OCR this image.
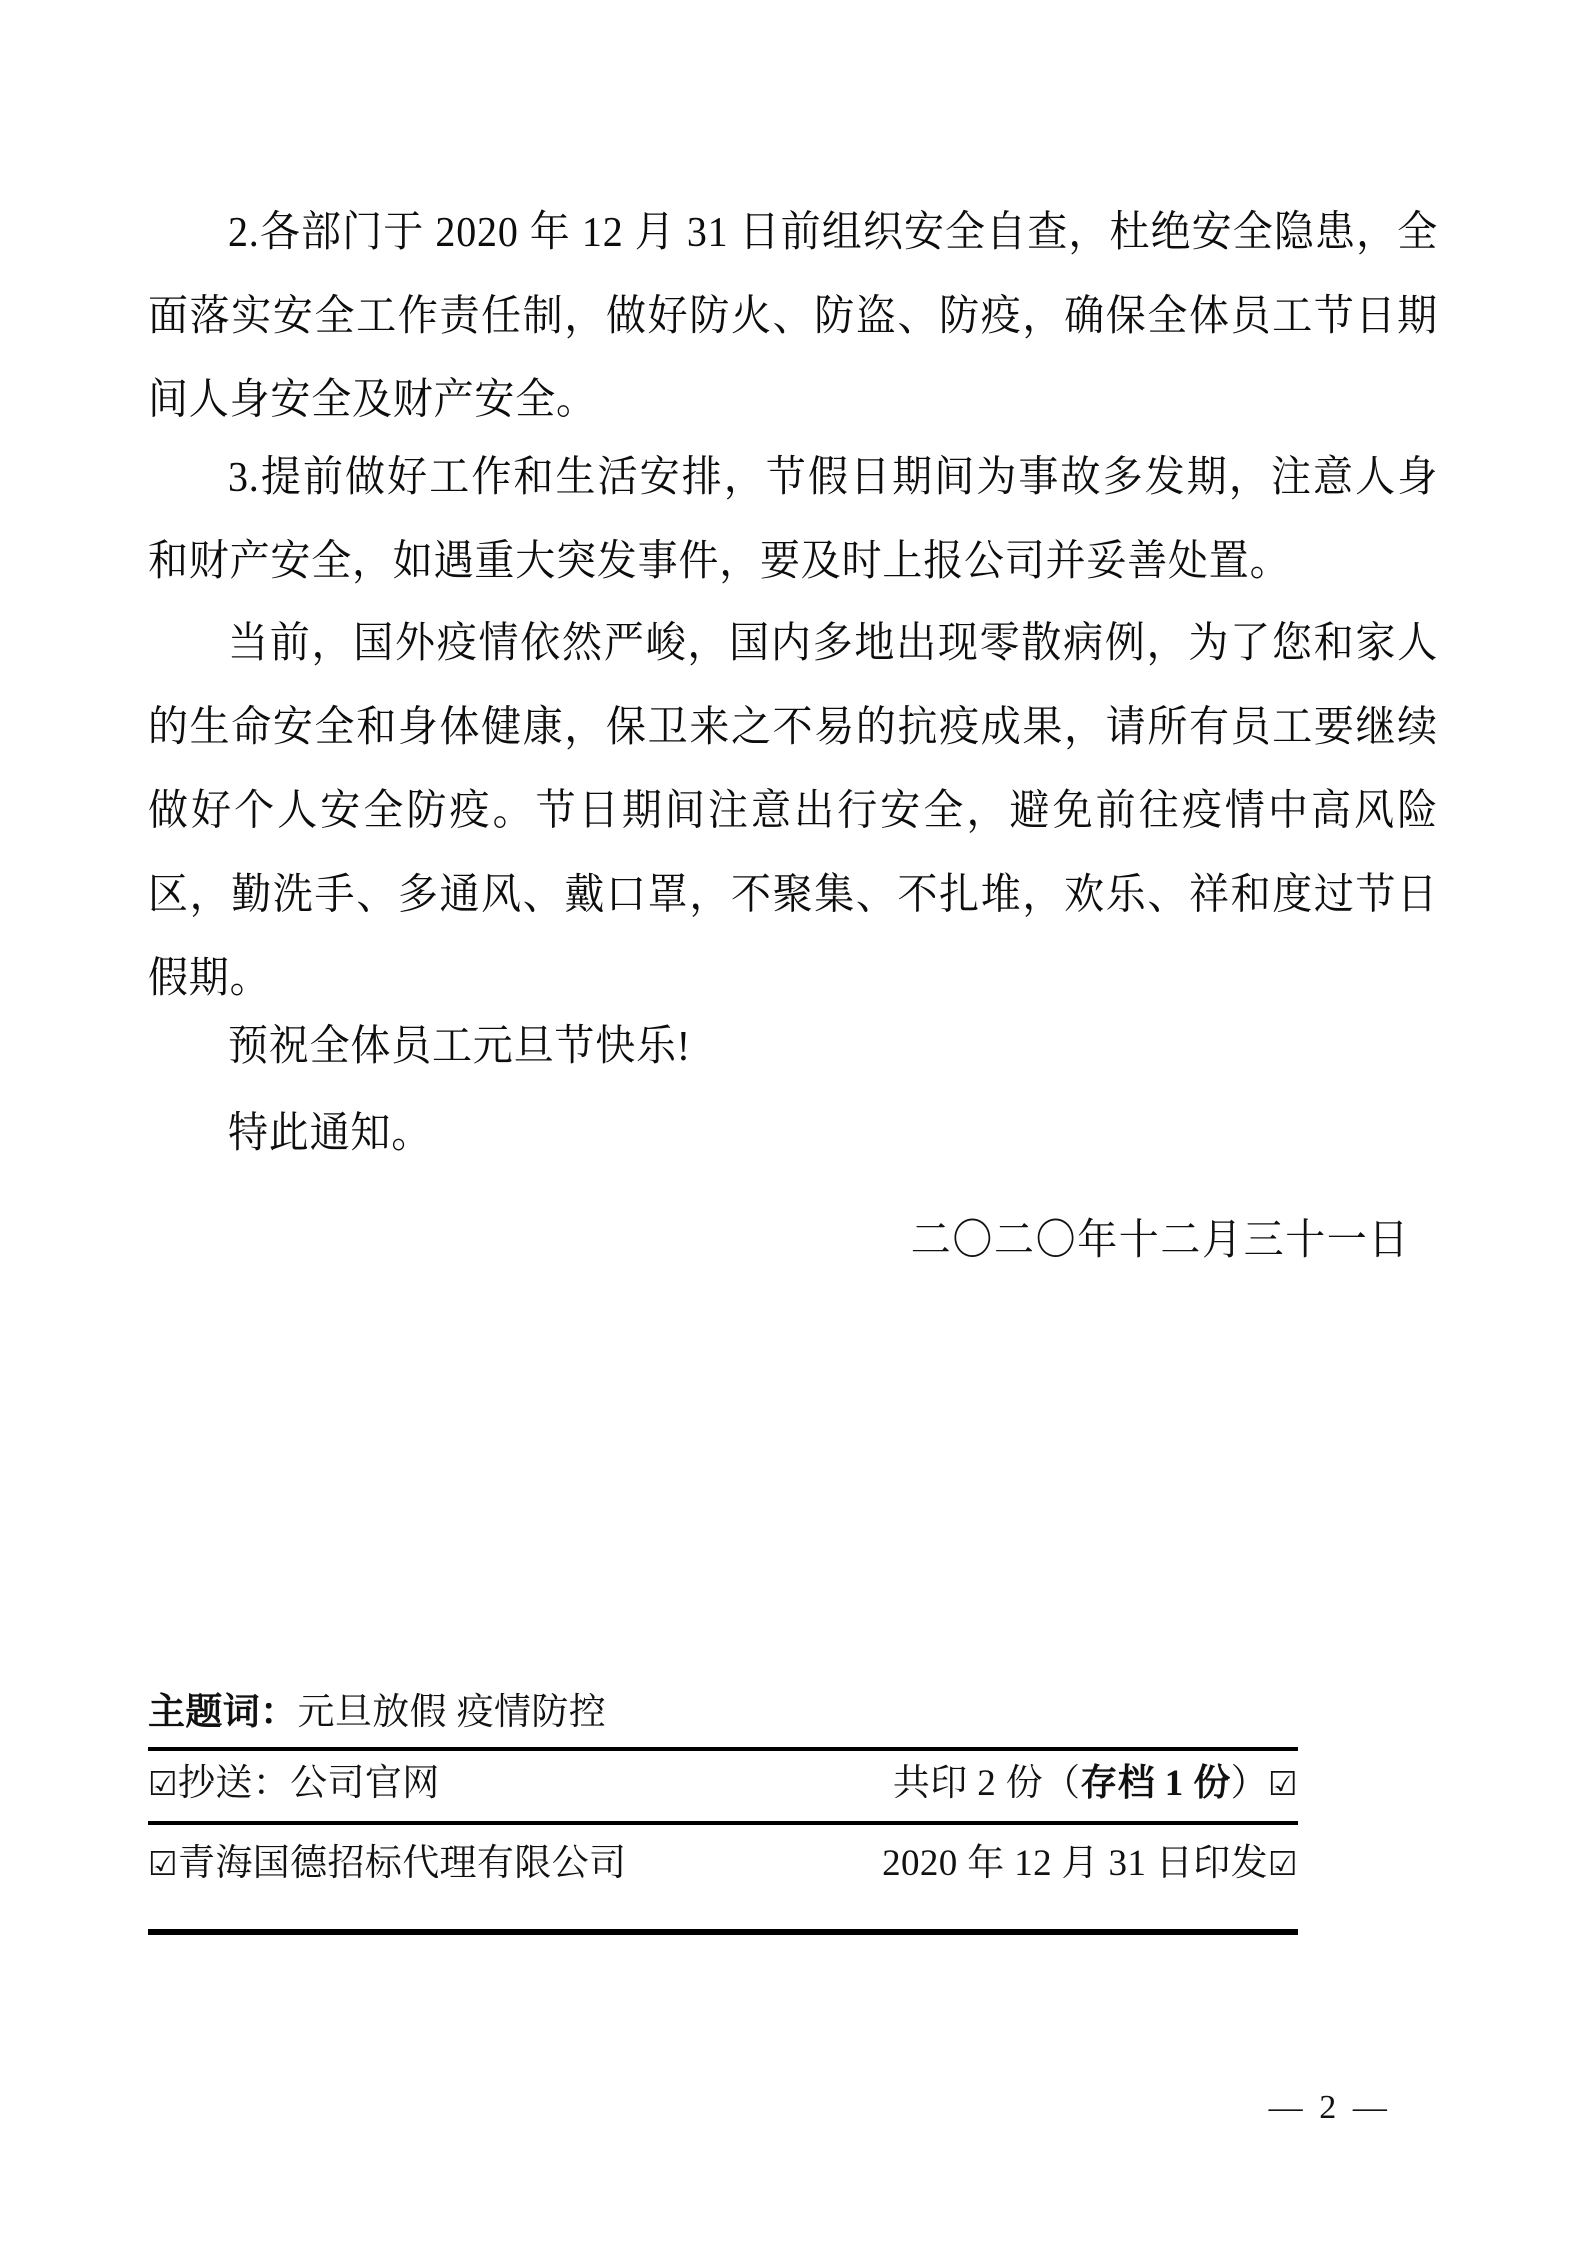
2.各部门于 2020 年 12 月 31 日前组织安全自查，杜绝安全隐患，全面落实安全工作责任制，做好防火、防盗、防疫，确保全体员工节日期间人身安全及财产安全。

3.提前做好工作和生活安排，节假日期间为事故多发期，注意人身和财产安全，如遇重大突发事件，要及时上报公司并妥善处置。

当前，国外疫情依然严峻，国内多地出现零散病例，为了您和家人的生命安全和身体健康，保卫来之不易的抗疫成果，请所有员工要继续做好个人安全防疫。节日期间注意出行安全，避免前往疫情中高风险区，勤洗手、多通风、戴口罩，不聚集、不扎堆，欢乐、祥和度过节日假期。

预祝全体员工元旦节快乐!

特此通知。

二〇二〇年十二月三十一日

主题词：元旦放假 疫情防控
☑抄送：公司官网	共印 2 份（存档 1 份）☑
☑青海国德招标代理有限公司	2020 年 12 月 31 日印发☑
— 2 —
